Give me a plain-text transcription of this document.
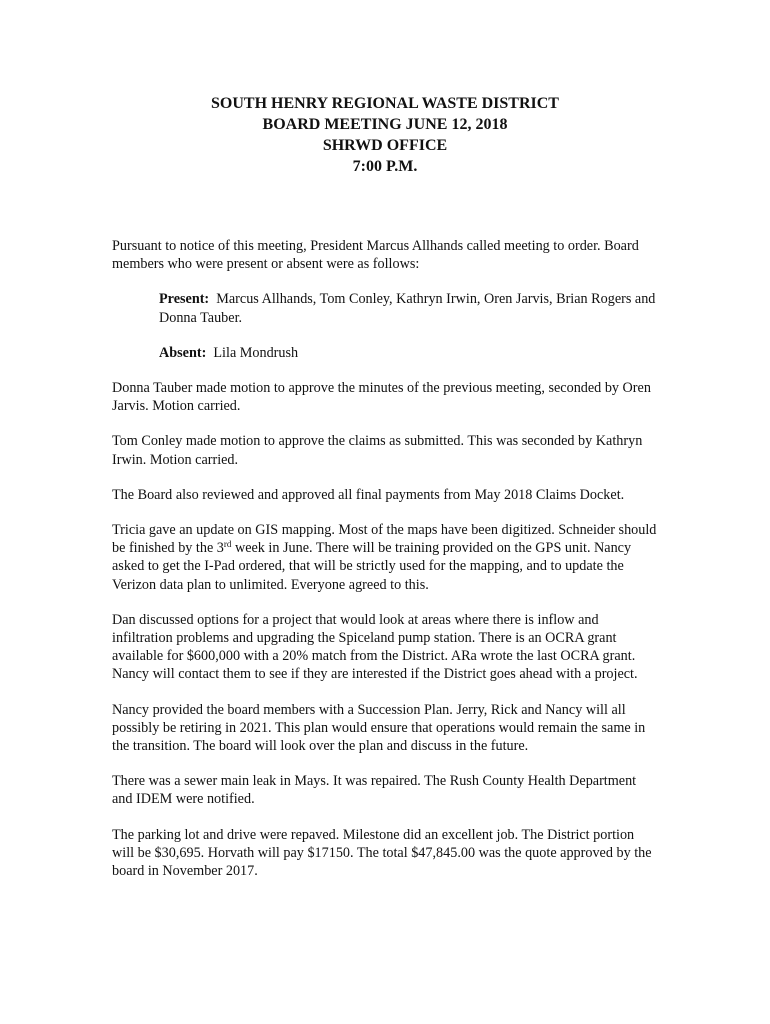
SOUTH HENRY REGIONAL WASTE DISTRICT
BOARD MEETING JUNE 12, 2018
SHRWD OFFICE
7:00 P.M.

Pursuant to notice of this meeting, President Marcus Allhands called meeting to order. Board members who were present or absent were as follows:

Present: Marcus Allhands, Tom Conley, Kathryn Irwin, Oren Jarvis, Brian Rogers and Donna Tauber.

Absent: Lila Mondrush

Donna Tauber made motion to approve the minutes of the previous meeting, seconded by Oren Jarvis. Motion carried.

Tom Conley made motion to approve the claims as submitted. This was seconded by Kathryn Irwin. Motion carried.

The Board also reviewed and approved all final payments from May 2018 Claims Docket.

Tricia gave an update on GIS mapping. Most of the maps have been digitized. Schneider should be finished by the 3rd week in June. There will be training provided on the GPS unit. Nancy asked to get the I-Pad ordered, that will be strictly used for the mapping, and to update the Verizon data plan to unlimited. Everyone agreed to this.

Dan discussed options for a project that would look at areas where there is inflow and infiltration problems and upgrading the Spiceland pump station. There is an OCRA grant available for $600,000 with a 20% match from the District. ARa wrote the last OCRA grant. Nancy will contact them to see if they are interested if the District goes ahead with a project.

Nancy provided the board members with a Succession Plan. Jerry, Rick and Nancy will all possibly be retiring in 2021. This plan would ensure that operations would remain the same in the transition. The board will look over the plan and discuss in the future.

There was a sewer main leak in Mays. It was repaired. The Rush County Health Department and IDEM were notified.

The parking lot and drive were repaved. Milestone did an excellent job. The District portion will be $30,695. Horvath will pay $17150. The total $47,845.00 was the quote approved by the board in November 2017.
